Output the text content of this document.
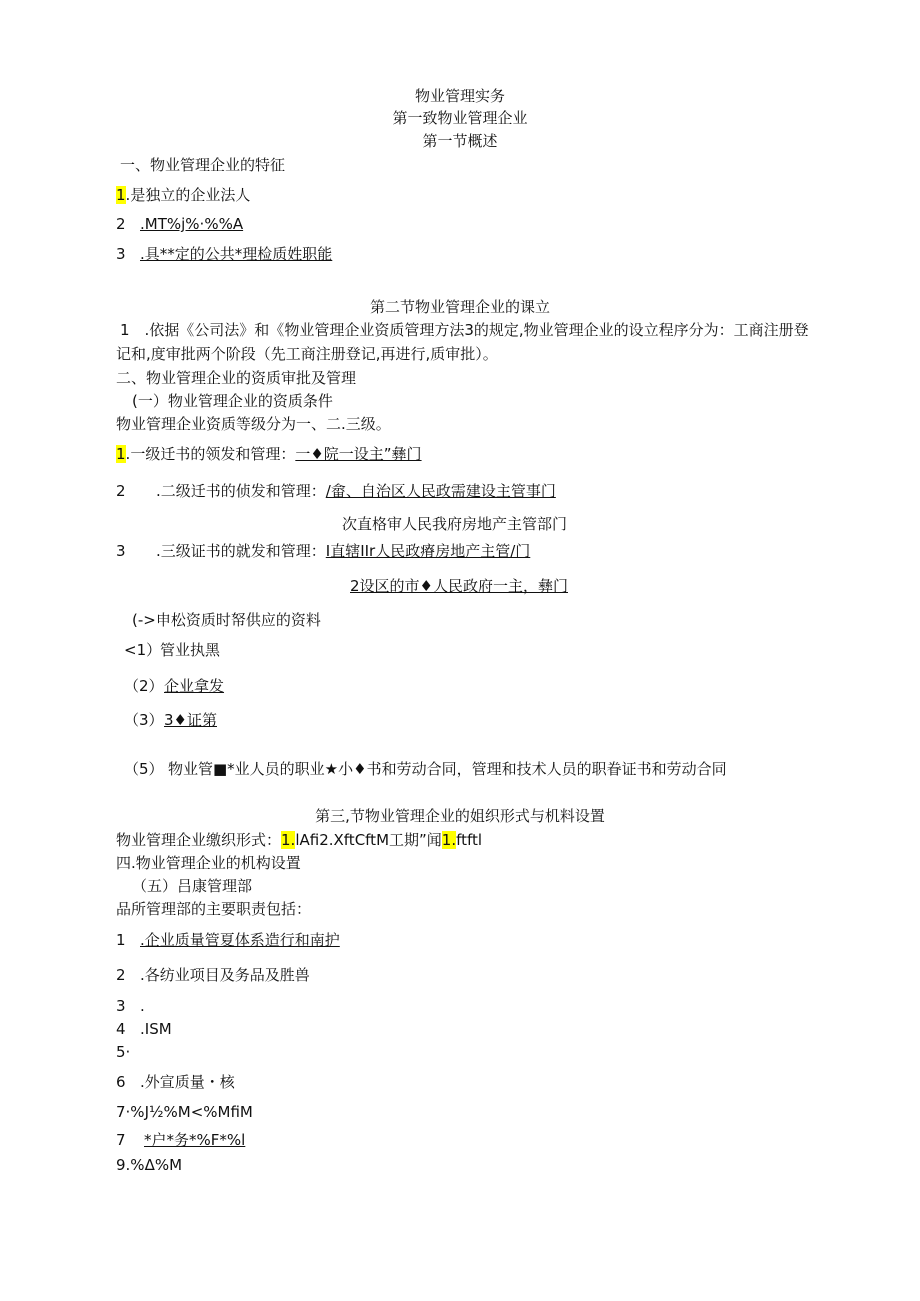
物业管理实务
第一致物业管理企业
第一节概述
一、物业管理企业的特征
1.是独立的企业法人
2 .MT%j%·%%A
3 .具**定的公共*理检质姓职能
第二节物业管理企业的课立
1　.依据《公司法》和《物业管理企业资质管理方法3的规定,物业管理企业的设立程序分为：工商注册登
记和,度审批两个阶段（先工商注册登记,再进行,质审批）。
二、物业管理企业的资质审批及管理
(一）物业管理企业的资质条件
物业管理企业资质等级分为一、二.三级。
1.一级迁书的领发和管理：一♦院一设主”彝门
2 .二级迁书的侦发和管理：/畲、自治区人民政需建设主管事门
次直格审人民我府房地产主管部门
3 .三级证书的就发和管理：I直辖IIr人民政瘠房地产主管/门
2设区的市♦人民政府一主，彝门
(->申松资质时帑供应的资料
<1）管业执黑
（2）企业拿发
（3）3♦证第
（5） 物业管■*业人员的职业★小♦书和劳动合同，管理和技术人员的职眷证书和劳动合同
第三,节物业管理企业的姐织形式与机料设置
物业管理企业缴织形式：1.lAfi2.XftCftM工期”闻1.ftftl
四.物业管理企业的机构设置
（五）吕康管理部
品所管理部的主要职责包括：
1 .企业质量管夏体系造行和南护
2 .各纺业项目及务品及胜兽
3 .
4 .ISM
5·
6 .外宣质量・核
7·%J½%M<%MfiM
7 *户*务*%F*%l
9.%Δ%M
